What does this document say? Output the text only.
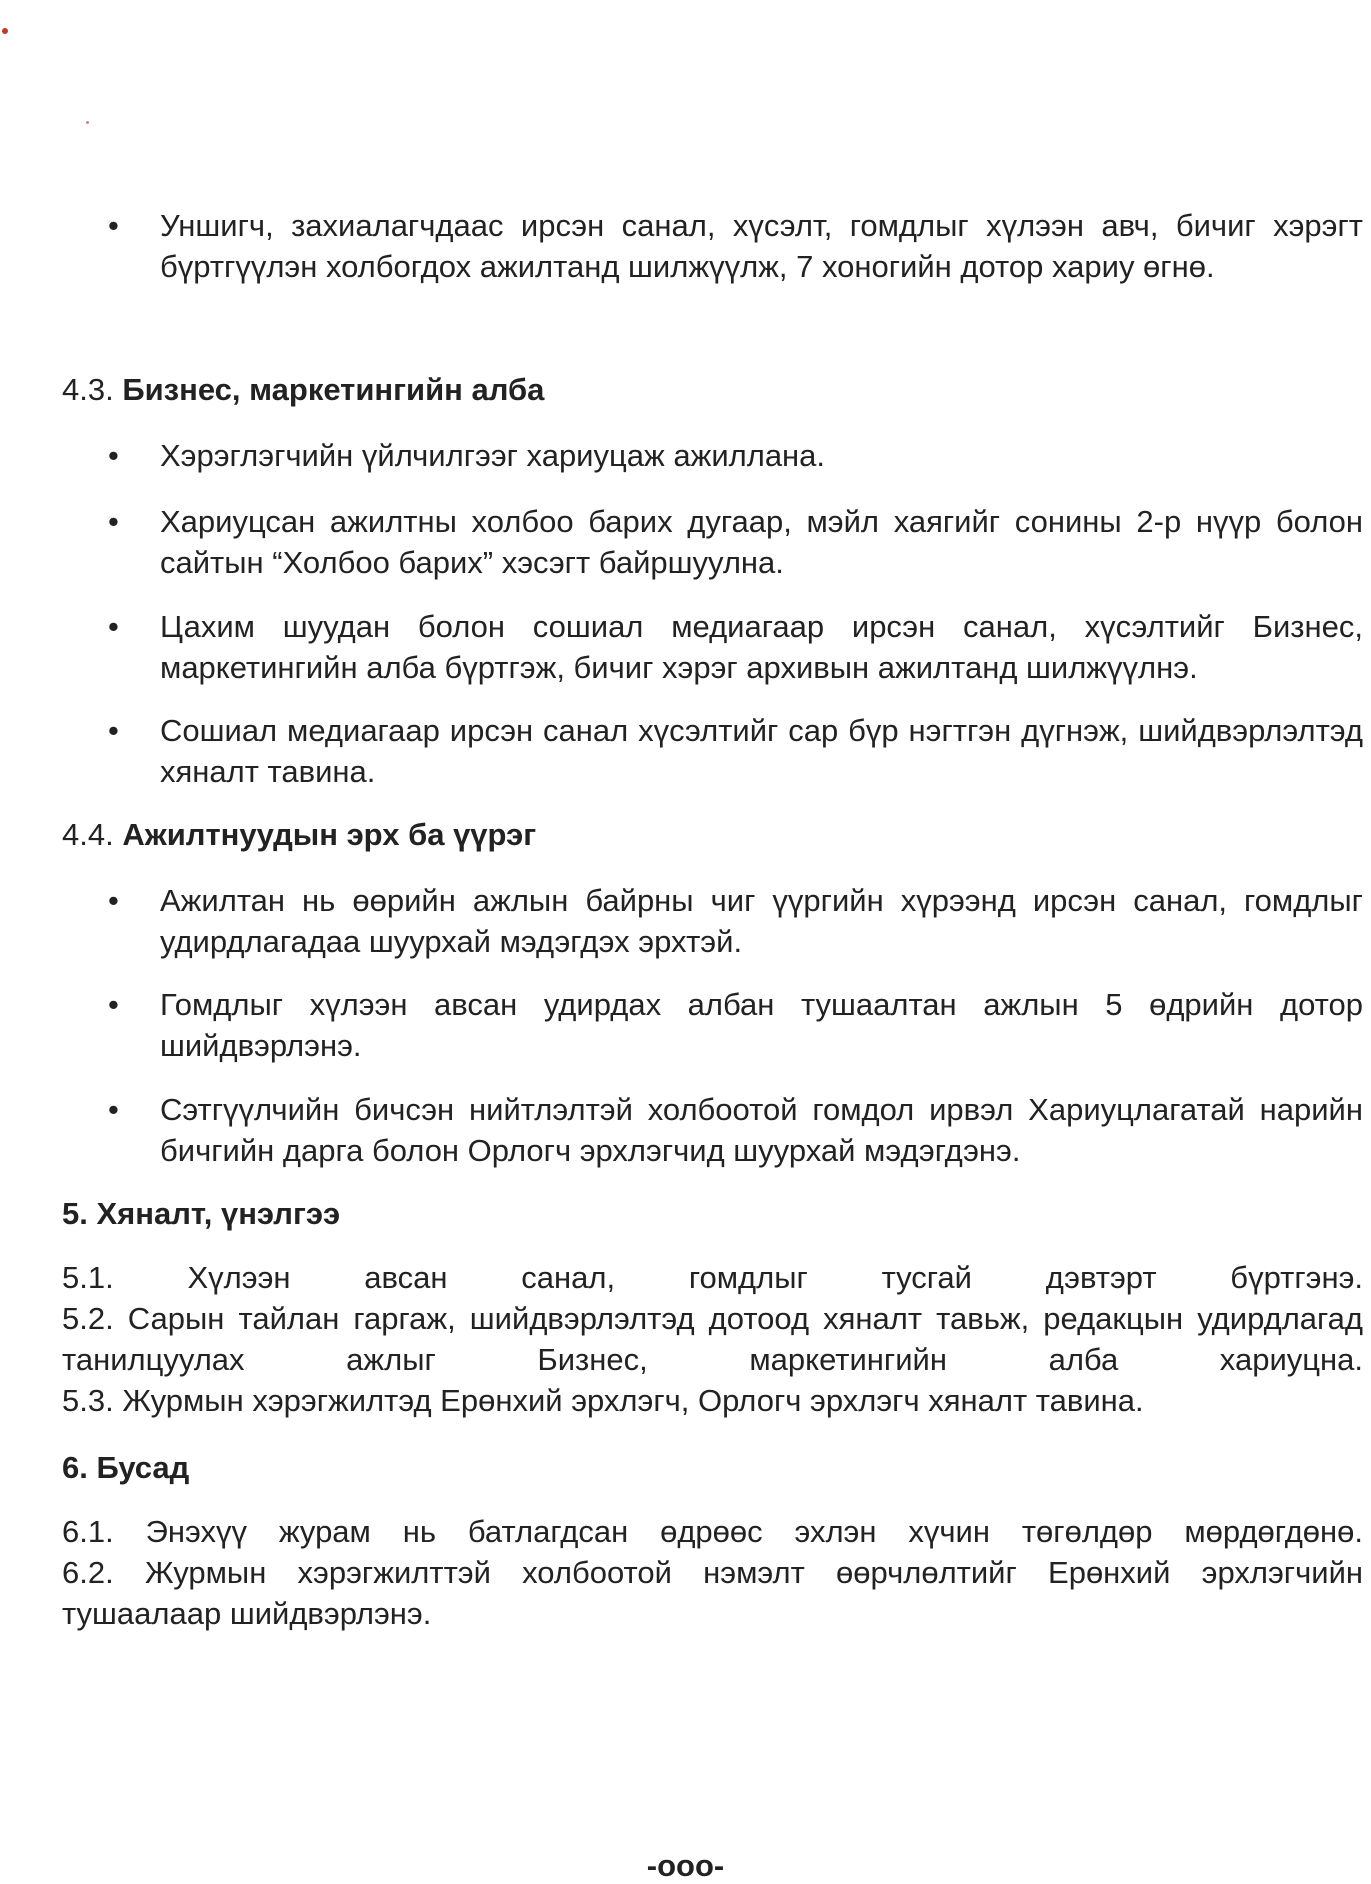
•	Уншигч, захиалагчдаас ирсэн санал, хүсэлт, гомдлыг хүлээн авч, бичиг хэрэгт бүртгүүлэн холбогдох ажилтанд шилжүүлж, 7 хоногийн дотор хариу өгнө.
4.3. Бизнес, маркетингийн алба
•	Хэрэглэгчийн үйлчилгээг хариуцаж ажиллана.
•	Хариуцсан ажилтны холбоо барих дугаар, мэйл хаягийг сонины 2-р нүүр болон сайтын “Холбоо барих” хэсэгт байршуулна.
•	Цахим шуудан болон сошиал медиагаар ирсэн санал, хүсэлтийг Бизнес, маркетингийн алба бүртгэж, бичиг хэрэг архивын ажилтанд шилжүүлнэ.
•	Сошиал медиагаар ирсэн санал хүсэлтийг сар бүр нэгтгэн дүгнэж, шийдвэрлэлтэд хяналт тавина.
4.4. Ажилтнуудын эрх ба үүрэг
•	Ажилтан нь өөрийн ажлын байрны чиг үүргийн хүрээнд ирсэн санал, гомдлыг удирдлагадаа шуурхай мэдэгдэх эрхтэй.
•	Гомдлыг хүлээн авсан удирдах албан тушаалтан ажлын 5 өдрийн дотор шийдвэрлэнэ.
•	Сэтгүүлчийн бичсэн нийтлэлтэй холбоотой гомдол ирвэл Хариуцлагатай нарийн бичгийн дарга болон Орлогч эрхлэгчид шуурхай мэдэгдэнэ.
5. Хяналт, үнэлгээ
5.1. Хүлээн авсан санал, гомдлыг тусгай дэвтэрт бүртгэнэ.
5.2. Сарын тайлан гаргаж, шийдвэрлэлтэд дотоод хяналт тавьж, редакцын удирдлагад танилцуулах ажлыг Бизнес, маркетингийн алба хариуцна.
5.3. Журмын хэрэгжилтэд Ерөнхий эрхлэгч, Орлогч эрхлэгч хяналт тавина.
6. Бусад
6.1. Энэхүү журам нь батлагдсан өдрөөс эхлэн хүчин төгөлдөр мөрдөгдөнө.
6.2. Журмын хэрэгжилттэй холбоотой нэмэлт өөрчлөлтийг Ерөнхий эрхлэгчийн тушаалаар шийдвэрлэнэ.
-ooo-
